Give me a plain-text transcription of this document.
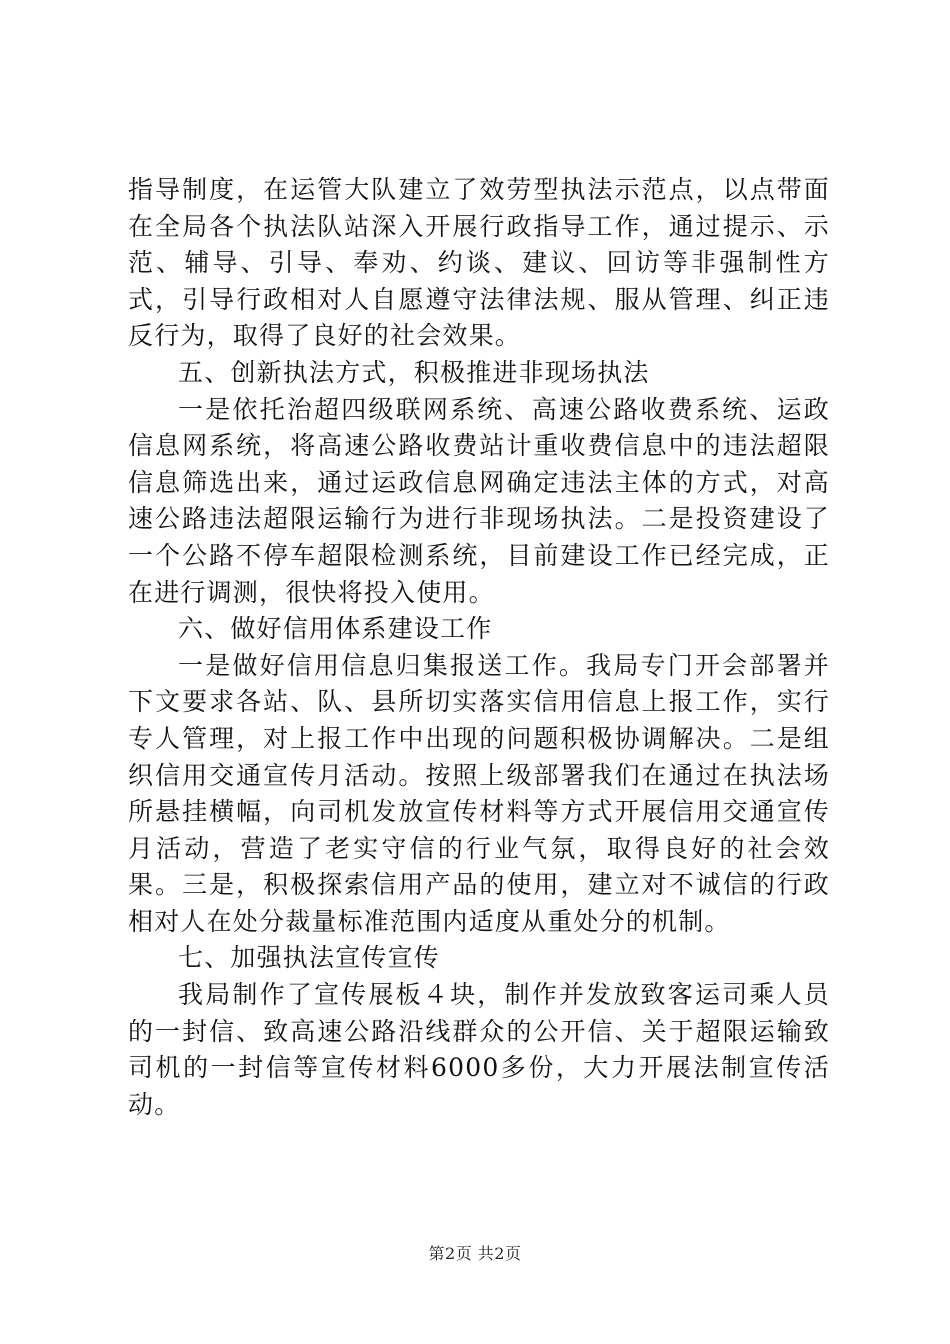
指导制度，在运管大队建立了效劳型执法示范点，以点带面在全局各个执法队站深入开展行政指导工作，通过提示、示范、辅导、引导、奉劝、约谈、建议、回访等非强制性方式，引导行政相对人自愿遵守法律法规、服从管理、纠正违反行为，取得了良好的社会效果。

五、创新执法方式，积极推进非现场执法

一是依托治超四级联网系统、高速公路收费系统、运政信息网系统，将高速公路收费站计重收费信息中的违法超限信息筛选出来，通过运政信息网确定违法主体的方式，对高速公路违法超限运输行为进行非现场执法。二是投资建设了一个公路不停车超限检测系统，目前建设工作已经完成，正在进行调测，很快将投入使用。

六、做好信用体系建设工作

一是做好信用信息归集报送工作。我局专门开会部署并下文要求各站、队、县所切实落实信用信息上报工作，实行专人管理，对上报工作中出现的问题积极协调解决。二是组织信用交通宣传月活动。按照上级部署我们在通过在执法场所悬挂横幅，向司机发放宣传材料等方式开展信用交通宣传月活动，营造了老实守信的行业气氛，取得良好的社会效果。三是，积极探索信用产品的使用，建立对不诚信的行政相对人在处分裁量标准范围内适度从重处分的机制。

七、加强执法宣传宣传

我局制作了宣传展板４块，制作并发放致客运司乘人员的一封信、致高速公路沿线群众的公开信、关于超限运输致司机的一封信等宣传材料6000多份，大力开展法制宣传活动。

第2页 共2页
